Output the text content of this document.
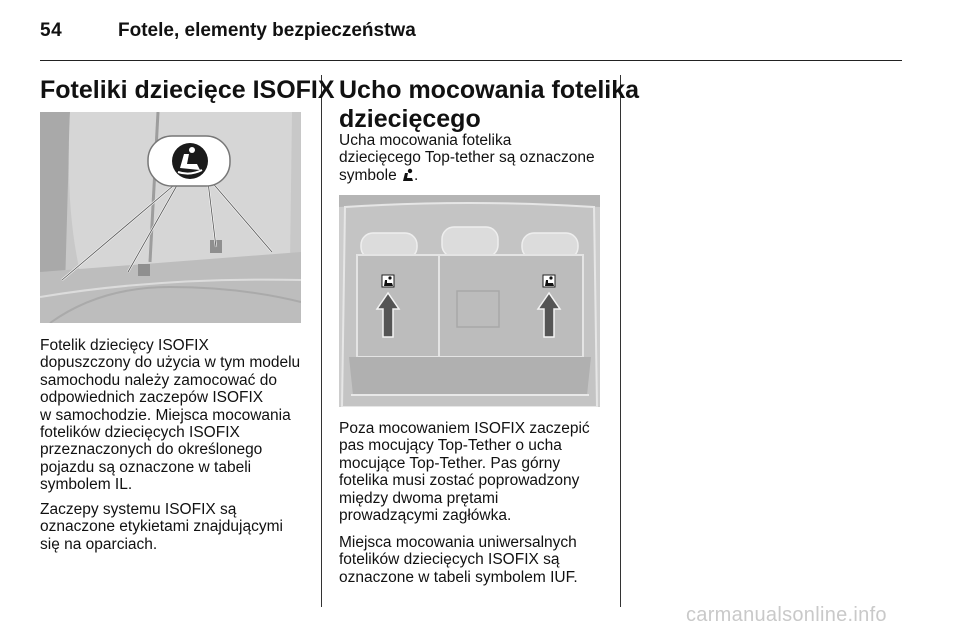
54	Fotele, elementy bezpieczeństwa
Foteliki dziecięce ISOFIX
Fotelik dziecięcy ISOFIX
dopuszczony do użycia w tym modelu
samochodu należy zamocować do
odpowiednich zaczepów ISOFIX
w samochodzie. Miejsca mocowania
fotelików dziecięcych ISOFIX
przeznaczonych do określonego
pojazdu są oznaczone w tabeli
symbolem IL.
Zaczepy systemu ISOFIX są
oznaczone etykietami znajdującymi
się na oparciach.
Ucho mocowania fotelika
dziecięcego
Ucha mocowania fotelika
dziecięcego Top-tether są oznaczone
symbole .
Poza mocowaniem ISOFIX zaczepić
pas mocujący Top-Tether o ucha
mocujące Top-Tether. Pas górny
fotelika musi zostać poprowadzony
między dwoma prętami
prowadzącymi zagłówka.
Miejsca mocowania uniwersalnych
fotelików dziecięcych ISOFIX są
oznaczone w tabeli symbolem IUF.
carmanualsonline.info
